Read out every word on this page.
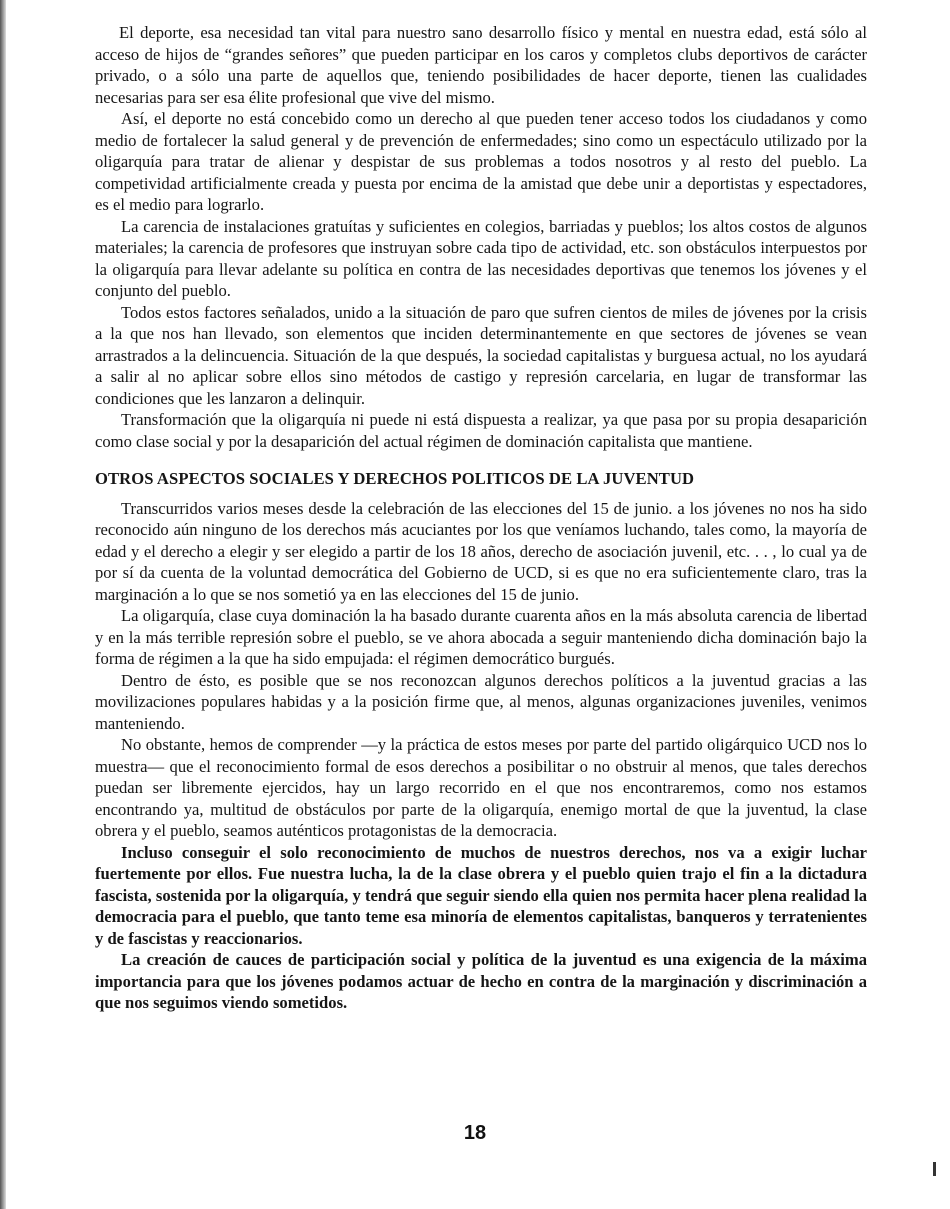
El deporte, esa necesidad tan vital para nuestro sano desarrollo físico y mental en nuestra edad, está sólo al acceso de hijos de “grandes señores” que pueden participar en los caros y completos clubs deportivos de carácter privado, o a sólo una parte de aquellos que, teniendo posibilidades de hacer deporte, tienen las cualidades necesarias para ser esa élite profesional que vive del mismo.

Así, el deporte no está concebido como un derecho al que pueden tener acceso todos los ciudadanos y como medio de fortalecer la salud general y de prevención de enfermedades; sino como un espectáculo utilizado por la oligarquía para tratar de alienar y despistar de sus problemas a todos nosotros y al resto del pueblo. La competividad artificialmente creada y puesta por encima de la amistad que debe unir a deportistas y espectadores, es el medio para lograrlo.

La carencia de instalaciones gratuítas y suficientes en colegios, barriadas y pueblos; los altos costos de algunos materiales; la carencia de profesores que instruyan sobre cada tipo de actividad, etc. son obstáculos interpuestos por la oligarquía para llevar adelante su política en contra de las necesidades deportivas que tenemos los jóvenes y el conjunto del pueblo.

Todos estos factores señalados, unido a la situación de paro que sufren cientos de miles de jóvenes por la crisis a la que nos han llevado, son elementos que inciden determinantemente en que sectores de jóvenes se vean arrastrados a la delincuencia. Situación de la que después, la sociedad capitalistas y burguesa actual, no los ayudará a salir al no aplicar sobre ellos sino métodos de castigo y represión carcelaria, en lugar de transformar las condiciones que les lanzaron a delinquir.

Transformación que la oligarquía ni puede ni está dispuesta a realizar, ya que pasa por su propia desaparición como clase social y por la desaparición del actual régimen de dominación capitalista que mantiene.

OTROS ASPECTOS SOCIALES Y DERECHOS POLITICOS DE LA JUVENTUD

Transcurridos varios meses desde la celebración de las elecciones del 15 de junio. a los jóvenes no nos ha sido reconocido aún ninguno de los derechos más acuciantes por los que veníamos luchando, tales como, la mayoría de edad y el derecho a elegir y ser elegido a partir de los 18 años, derecho de asociación juvenil, etc. . . , lo cual ya de por sí da cuenta de la voluntad democrática del Gobierno de UCD, si es que no era suficientemente claro, tras la marginación a lo que se nos sometió ya en las elecciones del 15 de junio.

La oligarquía, clase cuya dominación la ha basado durante cuarenta años en la más absoluta carencia de libertad y en la más terrible represión sobre el pueblo, se ve ahora abocada a seguir manteniendo dicha dominación bajo la forma de régimen a la que ha sido empujada: el régimen democrático burgués.

Dentro de ésto, es posible que se nos reconozcan algunos derechos políticos a la juventud gracias a las movilizaciones populares habidas y a la posición firme que, al menos, algunas organizaciones juveniles, venimos manteniendo.

No obstante, hemos de comprender —y la práctica de estos meses por parte del partido oligárquico UCD nos lo muestra— que el reconocimiento formal de esos derechos a posibilitar o no obstruir al menos, que tales derechos puedan ser libremente ejercidos, hay un largo recorrido en el que nos encontraremos, como nos estamos encontrando ya, multitud de obstáculos por parte de la oligarquía, enemigo mortal de que la juventud, la clase obrera y el pueblo, seamos auténticos protagonistas de la democracia.

Incluso conseguir el solo reconocimiento de muchos de nuestros derechos, nos va a exigir luchar fuertemente por ellos. Fue nuestra lucha, la de la clase obrera y el pueblo quien trajo el fin a la dictadura fascista, sostenida por la oligarquía, y tendrá que seguir siendo ella quien nos permita hacer plena realidad la democracia para el pueblo, que tanto teme esa minoría de elementos capitalistas, banqueros y terratenientes y de fascistas y reaccionarios.

La creación de cauces de participación social y política de la juventud es una exigencia de la máxima importancia para que los jóvenes podamos actuar de hecho en contra de la marginación y discriminación a que nos seguimos viendo sometidos.

18
